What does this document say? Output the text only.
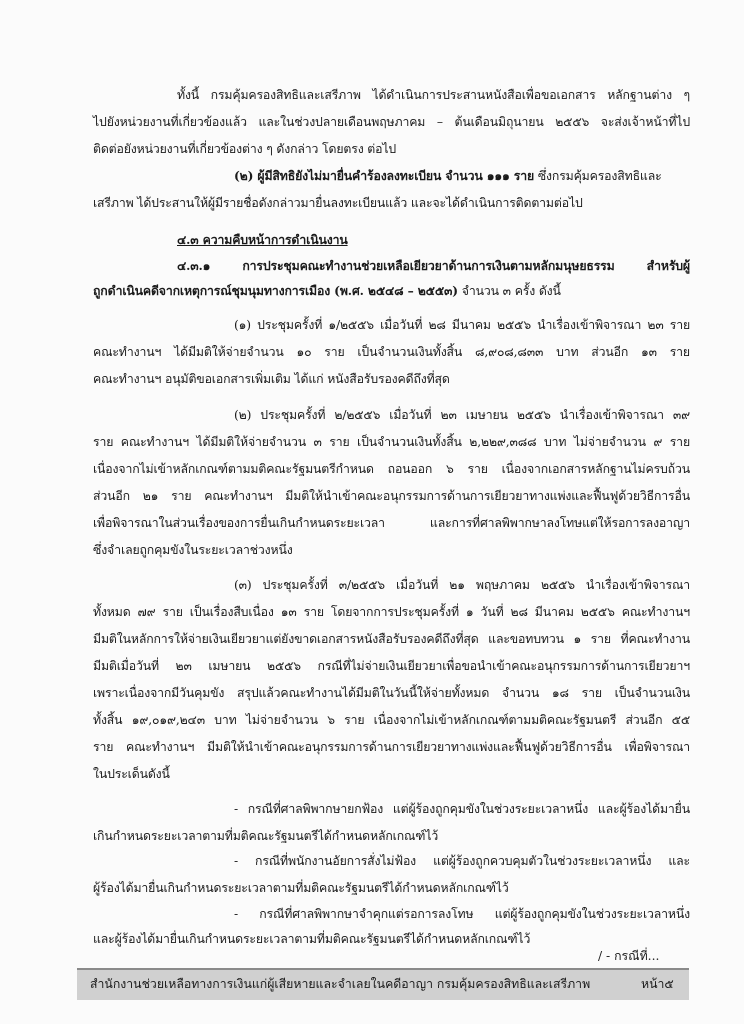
ทั้งนี้ กรมคุ้มครองสิทธิและเสรีภาพ ได้ดำเนินการประสานหนังสือเพื่อขอเอกสาร หลักฐานต่าง ๆ
ไปยังหน่วยงานที่เกี่ยวข้องแล้ว และในช่วงปลายเดือนพฤษภาคม – ต้นเดือนมิถุนายน ๒๕๕๖ จะส่งเจ้าหน้าที่ไป
ติดต่อยังหน่วยงานที่เกี่ยวข้องต่าง ๆ ดังกล่าว โดยตรง ต่อไป
(๒) ผู้มีสิทธิยังไม่มายื่นคำร้องลงทะเบียน จำนวน ๑๑๑ ราย ซึ่งกรมคุ้มครองสิทธิและ
เสรีภาพ ได้ประสานให้ผู้มีรายชื่อดังกล่าวมายื่นลงทะเบียนแล้ว และจะได้ดำเนินการติดตามต่อไป
๔.๓ ความคืบหน้าการดำเนินงาน
๔.๓.๑ การประชุมคณะทำงานช่วยเหลือเยียวยาด้านการเงินตามหลักมนุษยธรรม สำหรับผู้
ถูกดำเนินคดีจากเหตุการณ์ชุมนุมทางการเมือง (พ.ศ. ๒๕๔๘ – ๒๕๕๓) จำนวน ๓ ครั้ง ดังนี้
(๑) ประชุมครั้งที่ ๑/๒๕๕๖ เมื่อวันที่ ๒๘ มีนาคม ๒๕๕๖ นำเรื่องเข้าพิจารณา ๒๓ ราย
คณะทำงานฯ ได้มีมติให้จ่ายจำนวน ๑๐ ราย เป็นจำนวนเงินทั้งสิ้น ๘,๙๐๘,๘๓๓ บาท ส่วนอีก ๑๓ ราย
คณะทำงานฯ อนุมัติขอเอกสารเพิ่มเติม ได้แก่ หนังสือรับรองคดีถึงที่สุด
(๒) ประชุมครั้งที่ ๒/๒๕๕๖ เมื่อวันที่ ๒๓ เมษายน ๒๕๕๖ นำเรื่องเข้าพิจารณา ๓๙
ราย คณะทำงานฯ ได้มีมติให้จ่ายจำนวน ๓ ราย เป็นจำนวนเงินทั้งสิ้น ๒,๒๒๙,๓๘๘ บาท ไม่จ่ายจำนวน ๙ ราย
เนื่องจากไม่เข้าหลักเกณฑ์ตามมติคณะรัฐมนตรีกำหนด ถอนออก ๖ ราย เนื่องจากเอกสารหลักฐานไม่ครบถ้วน
ส่วนอีก ๒๑ ราย คณะทำงานฯ มีมติให้นำเข้าคณะอนุกรรมการด้านการเยียวยาทางแพ่งและฟื้นฟูด้วยวิธีการอื่น
เพื่อพิจารณาในส่วนเรื่องของการยื่นเกินกำหนดระยะเวลา และการที่ศาลพิพากษาลงโทษแต่ให้รอการลงอาญา
ซึ่งจำเลยถูกคุมขังในระยะเวลาช่วงหนึ่ง
(๓) ประชุมครั้งที่ ๓/๒๕๕๖ เมื่อวันที่ ๒๑ พฤษภาคม ๒๕๕๖ นำเรื่องเข้าพิจารณา
ทั้งหมด ๗๙ ราย เป็นเรื่องสืบเนื่อง ๑๓ ราย โดยจากการประชุมครั้งที่ ๑ วันที่ ๒๘ มีนาคม ๒๕๕๖ คณะทำงานฯ
มีมติในหลักการให้จ่ายเงินเยียวยาแต่ยังขาดเอกสารหนังสือรับรองคดีถึงที่สุด และขอทบทวน ๑ ราย ที่คณะทำงาน
มีมติเมื่อวันที่ ๒๓ เมษายน ๒๕๕๖ กรณีที่ไม่จ่ายเงินเยียวยาเพื่อขอนำเข้าคณะอนุกรรมการด้านการเยียวยาฯ
เพราะเนื่องจากมีวันคุมขัง สรุปแล้วคณะทำงานได้มีมติในวันนี้ให้จ่ายทั้งหมด จำนวน ๑๘ ราย เป็นจำนวนเงิน
ทั้งสิ้น ๑๙,๐๑๙,๒๔๓ บาท ไม่จ่ายจำนวน ๖ ราย เนื่องจากไม่เข้าหลักเกณฑ์ตามมติคณะรัฐมนตรี ส่วนอีก ๕๕
ราย คณะทำงานฯ มีมติให้นำเข้าคณะอนุกรรมการด้านการเยียวยาทางแพ่งและฟื้นฟูด้วยวิธีการอื่น เพื่อพิจารณา
ในประเด็นดังนี้
- กรณีที่ศาลพิพากษายกฟ้อง แต่ผู้ร้องถูกคุมขังในช่วงระยะเวลาหนึ่ง และผู้ร้องได้มายื่น
เกินกำหนดระยะเวลาตามที่มติคณะรัฐมนตรีได้กำหนดหลักเกณฑ์ไว้
- กรณีที่พนักงานอัยการสั่งไม่ฟ้อง แต่ผู้ร้องถูกควบคุมตัวในช่วงระยะเวลาหนึ่ง และ
ผู้ร้องได้มายื่นเกินกำหนดระยะเวลาตามที่มติคณะรัฐมนตรีได้กำหนดหลักเกณฑ์ไว้
- กรณีที่ศาลพิพากษาจำคุกแต่รอการลงโทษ แต่ผู้ร้องถูกคุมขังในช่วงระยะเวลาหนึ่ง
และผู้ร้องได้มายื่นเกินกำหนดระยะเวลาตามที่มติคณะรัฐมนตรีได้กำหนดหลักเกณฑ์ไว้
/ - กรณีที่...
สำนักงานช่วยเหลือทางการเงินแก่ผู้เสียหายและจำเลยในคดีอาญา กรมคุ้มครองสิทธิและเสรีภาพ	หน้า๕
